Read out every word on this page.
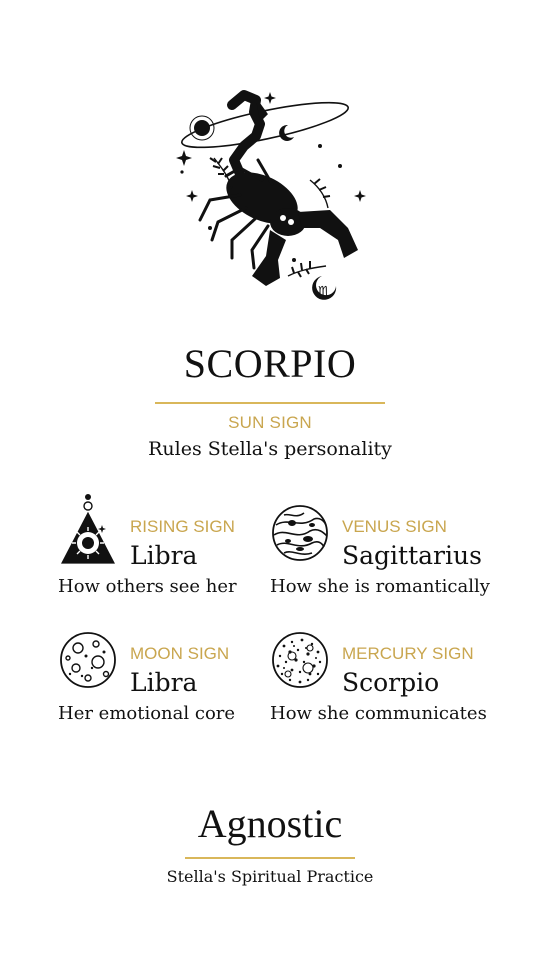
♏
SCORPIO
SUN SIGN
Rules Stella's personality
RISING SIGN
Libra
How others see her
VENUS SIGN
Sagittarius
How she is romantically
MOON SIGN
Libra
Her emotional core
MERCURY SIGN
Scorpio
How she communicates
Agnostic
Stella's Spiritual Practice
